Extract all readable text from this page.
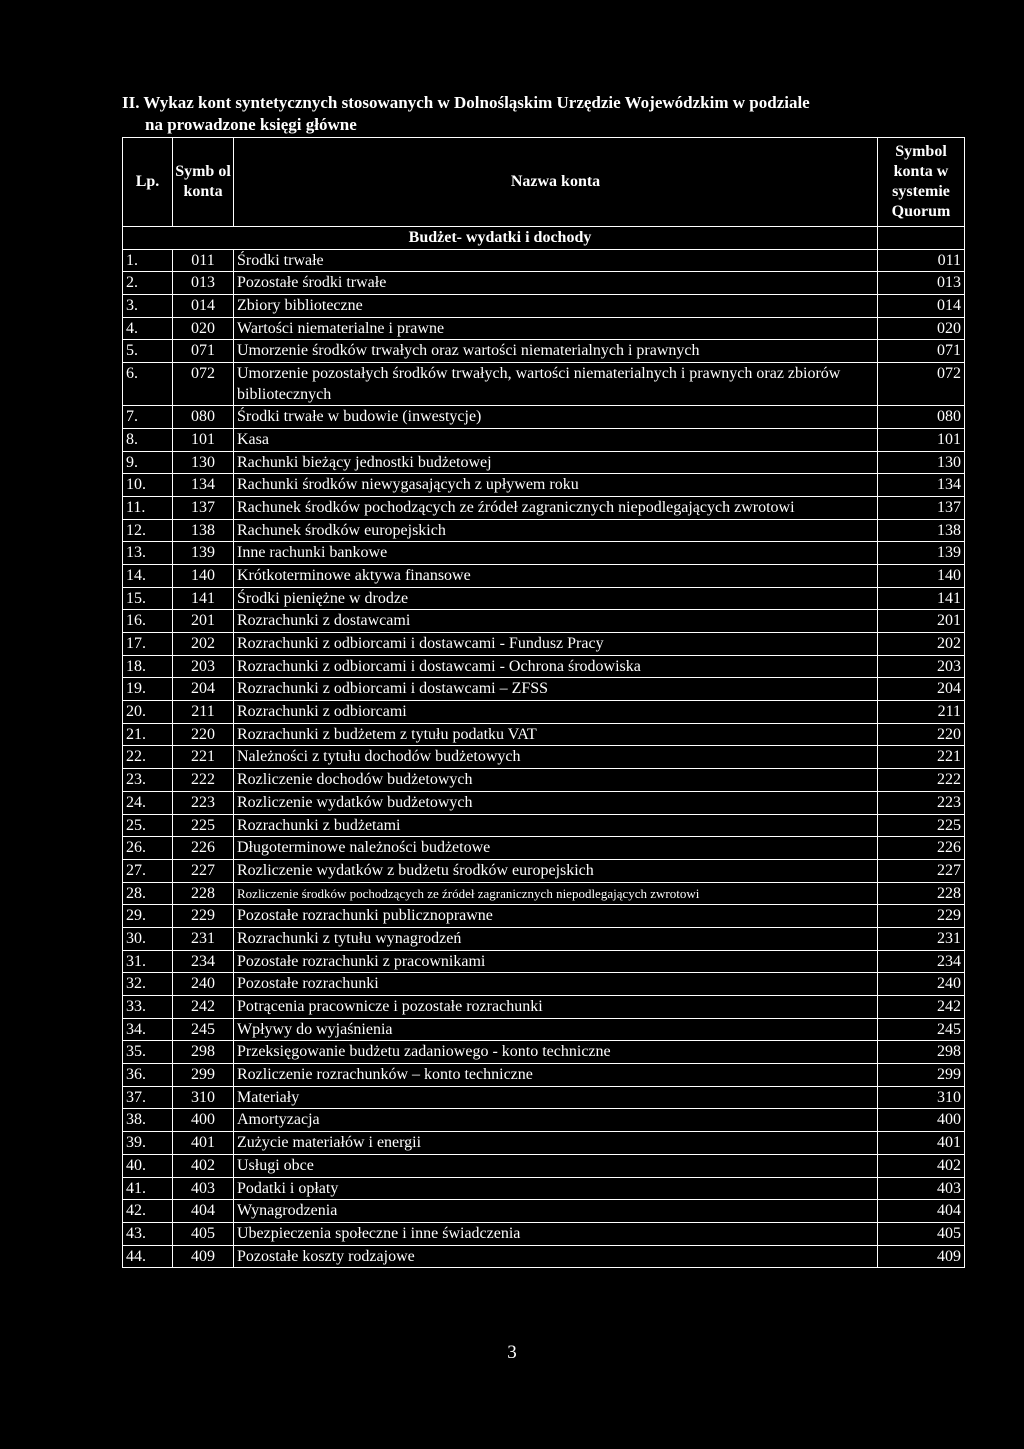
II. Wykaz kont syntetycznych stosowanych w Dolnośląskim Urzędzie Wojewódzkim w podziale
na prowadzone księgi główne
Lp.	Symb ol konta	Nazwa konta	Symbol konta w systemie Quorum
Budżet- wydatki i dochody			
1.	011	Środki trwałe	011
2.	013	Pozostałe środki trwałe	013
3.	014	Zbiory biblioteczne	014
4.	020	Wartości niematerialne i prawne	020
5.	071	Umorzenie środków trwałych oraz wartości niematerialnych i prawnych	071
6.	072	Umorzenie pozostałych środków trwałych, wartości niematerialnych i prawnych oraz zbiorów bibliotecznych	072
7.	080	Środki trwałe w budowie (inwestycje)	080
8.	101	Kasa	101
9.	130	Rachunki bieżący jednostki budżetowej	130
10.	134	Rachunki środków niewygasających z upływem roku	134
11.	137	Rachunek środków pochodzących ze źródeł zagranicznych niepodlegających zwrotowi	137
12.	138	Rachunek środków europejskich	138
13.	139	Inne rachunki bankowe	139
14.	140	Krótkoterminowe aktywa finansowe	140
15.	141	Środki pieniężne w drodze	141
16.	201	Rozrachunki z dostawcami	201
17.	202	Rozrachunki z odbiorcami i dostawcami - Fundusz Pracy	202
18.	203	Rozrachunki z odbiorcami i dostawcami - Ochrona środowiska	203
19.	204	Rozrachunki z odbiorcami i dostawcami – ZFSS	204
20.	211	Rozrachunki z odbiorcami	211
21.	220	Rozrachunki z budżetem z tytułu podatku VAT	220
22.	221	Należności z tytułu dochodów budżetowych	221
23.	222	Rozliczenie dochodów budżetowych	222
24.	223	Rozliczenie wydatków budżetowych	223
25.	225	Rozrachunki z budżetami	225
26.	226	Długoterminowe należności budżetowe	226
27.	227	Rozliczenie wydatków z budżetu środków europejskich	227
28.	228	Rozliczenie środków pochodzących ze źródeł zagranicznych niepodlegających zwrotowi	228
29.	229	Pozostałe rozrachunki publicznoprawne	229
30.	231	Rozrachunki z tytułu wynagrodzeń	231
31.	234	Pozostałe rozrachunki z pracownikami	234
32.	240	Pozostałe rozrachunki	240
33.	242	Potrącenia pracownicze i pozostałe rozrachunki	242
34.	245	Wpływy do wyjaśnienia	245
35.	298	Przeksięgowanie budżetu zadaniowego - konto techniczne	298
36.	299	Rozliczenie rozrachunków – konto techniczne	299
37.	310	Materiały	310
38.	400	Amortyzacja	400
39.	401	Zużycie materiałów i energii	401
40.	402	Usługi obce	402
41.	403	Podatki i opłaty	403
42.	404	Wynagrodzenia	404
43.	405	Ubezpieczenia społeczne i inne świadczenia	405
44.	409	Pozostałe koszty rodzajowe	409
3
